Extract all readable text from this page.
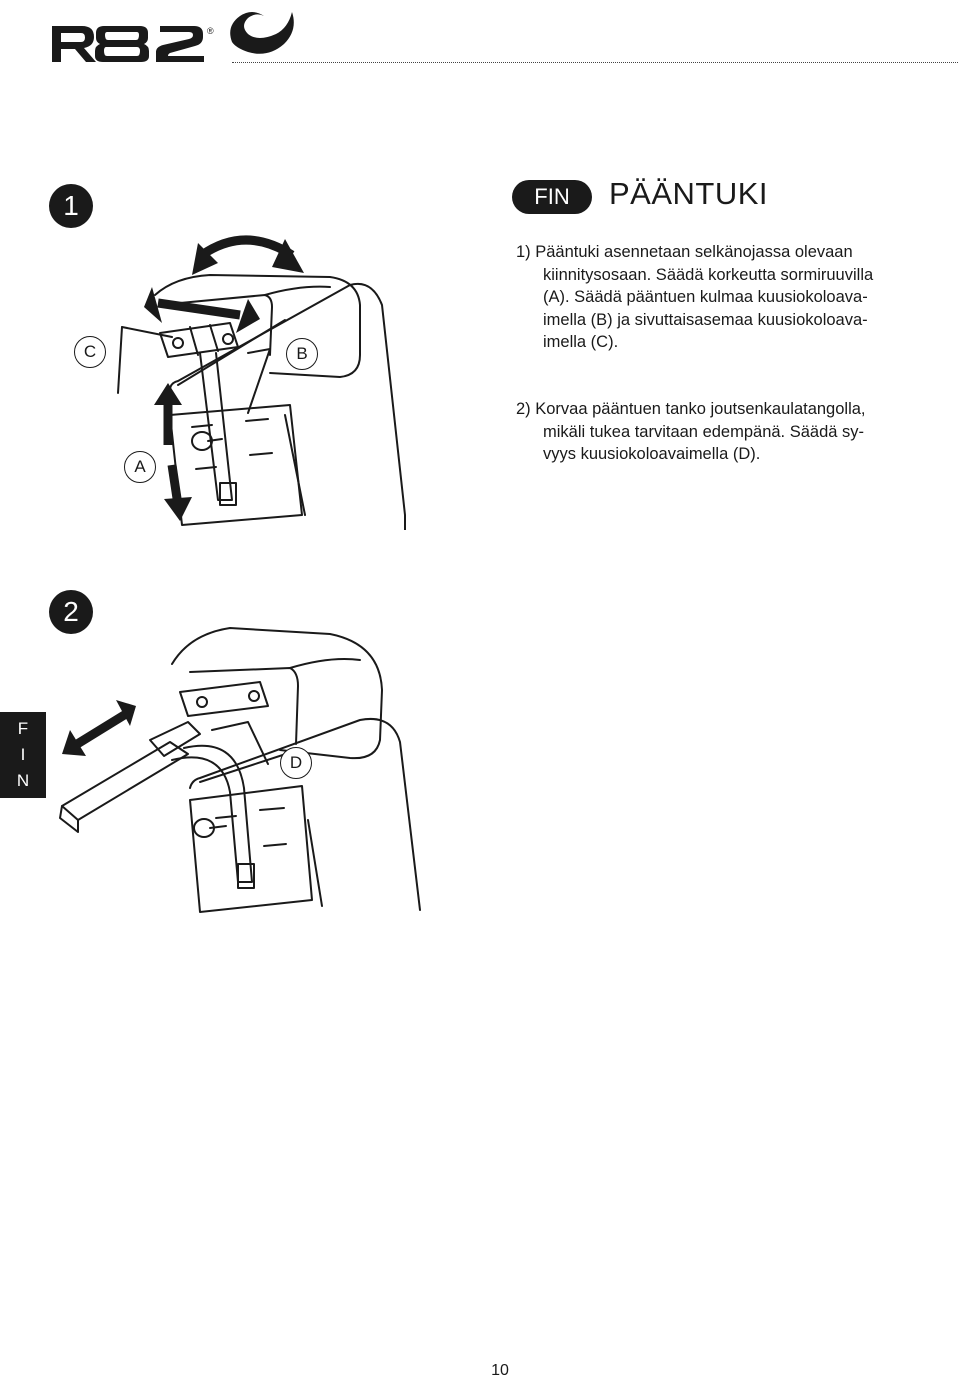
®
1	FIN	PÄÄNTUKI
1) Pääntuki asennetaan selkänojassa olevaan
kiinnitysosaan. Säädä korkeutta sormiruuvilla
(A). Säädä pääntuen kulmaa kuusiokoloava-
imella (B) ja sivuttaisasemaa kuusiokoloava-
imella (C).
2) Korvaa pääntuen tanko joutsenkaulatangolla,
mikäli tukea tarvitaan edempänä. Säädä sy-
vyys kuusiokoloavaimella (D).
C	B
A
2
D
F
I
N
10
